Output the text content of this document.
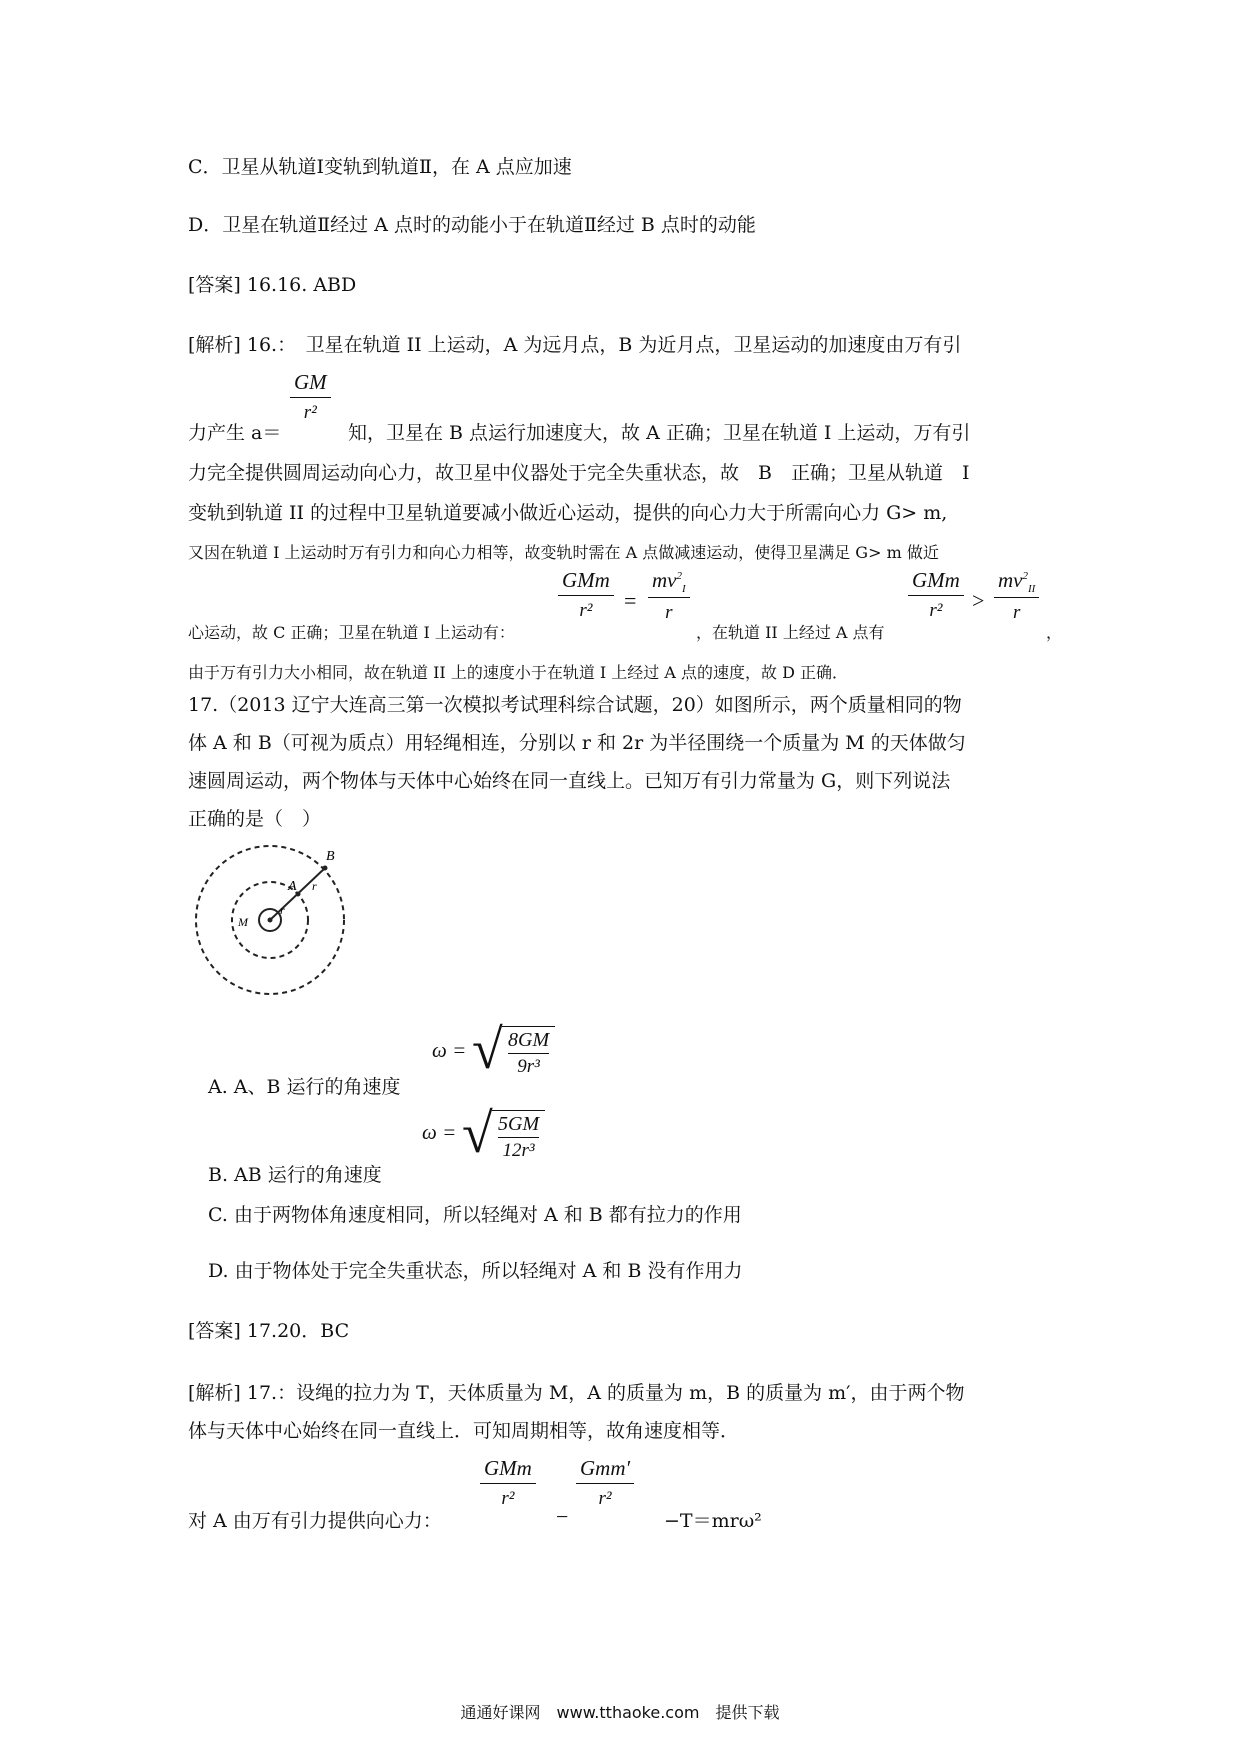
C．卫星从轨道Ⅰ变轨到轨道Ⅱ，在 A 点应加速
D．卫星在轨道Ⅱ经过 A 点时的动能小于在轨道Ⅱ经过 B 点时的动能
[答案] 16.16. ABD
[解析] 16.：　卫星在轨道 II 上运动，A 为远月点，B 为近月点，卫星运动的加速度由万有引
力产生 a＝
$\frac{GM}{\text{r²}}$
知，卫星在 B 点运行加速度大，故 A 正确；卫星在轨道 I 上运动，万有引
力完全提供圆周运动向心力，故卫星中仪器处于完全失重状态，故　B　正确；卫星从轨道　I
变轨到轨道 II 的过程中卫星轨道要减小做近心运动，提供的向心力大于所需向心力 G> m,
又因在轨道 I 上运动时万有引力和向心力相等，故变轨时需在 A 点做减速运动，使得卫星满足 G> m 做近
心运动，故 C 正确；卫星在轨道 I 上运动有：
GMm
r²	= $\frac{mv^2_I}{r}$
，在轨道 II 上经过 A 点有
GMm
r²	> $\frac{mv^2_{II}}{r}$
，
由于万有引力大小相同，故在轨道 II 上的速度小于在轨道 I 上经过 A 点的速度，故 D 正确．
17.（2013 辽宁大连高三第一次模拟考试理科综合试题，20）如图所示，两个质量相同的物
体 A 和 B（可视为质点）用轻绳相连，分别以 r 和 2r 为半径围绕一个质量为 M 的天体做匀
速圆周运动，两个物体与天体中心始终在同一直线上。已知万有引力常量为 G，则下列说法
正确的是（　）
M
A
B
r
r
A. A、B 运行的角速度
ω = √ $\frac{8GM}{\text{9r³}}$
B. AB 运行的角速度
ω = √ $\frac{5GM}{\text{12r³}}$
C. 由于两物体角速度相同，所以轻绳对 A 和 B 都有拉力的作用
D. 由于物体处于完全失重状态，所以轻绳对 A 和 B 没有作用力
[答案] 17.20．BC
[解析] 17.：设绳的拉力为 T，天体质量为 M，A 的质量为 m，B 的质量为 m′，由于两个物
体与天体中心始终在同一直线上．可知周期相等，故角速度相等．
对 A 由万有引力提供向心力：
GMm
r²
−
Gmm′
r²
−T＝mrω²
通通好课网　www.tthaoke.com　提供下载
